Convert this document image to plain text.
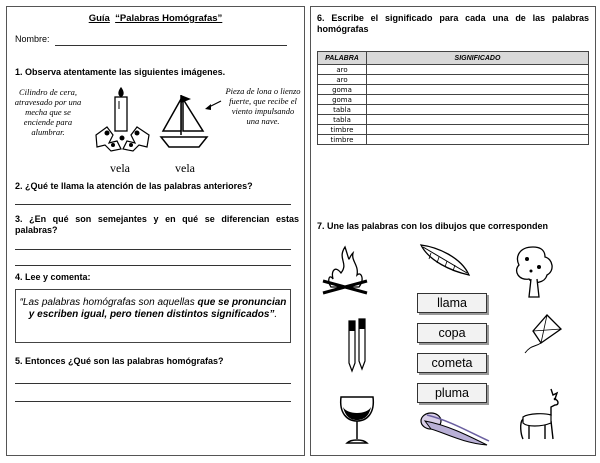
Guía “Palabras Homógrafas”
Nombre:
1. Observa atentamente las siguientes imágenes.
Cilindro de cera, atravesado por una mecha que se enciende para alumbrar.
Pieza de lona o lienzo fuerte, que recibe el viento impulsando una nave.
vela	vela
2. ¿Qué te llama la atención de las palabras anteriores?
3. ¿En qué son semejantes y en qué se diferencian estas palabras?
4. Lee y comenta:
“Las palabras homógrafas son aquellas que se pronuncian y escriben igual, pero tienen distintos significados”.
5. Entonces ¿Qué son las palabras homógrafas?
6. Escribe el significado para cada una de las palabras homógrafas
PALABRA	SIGNIFICADO
aro	
aro	
goma	
goma	
tabla	
tabla	
timbre	
timbre	
7. Une las palabras con los dibujos que corresponden
llama
copa
cometa
pluma
